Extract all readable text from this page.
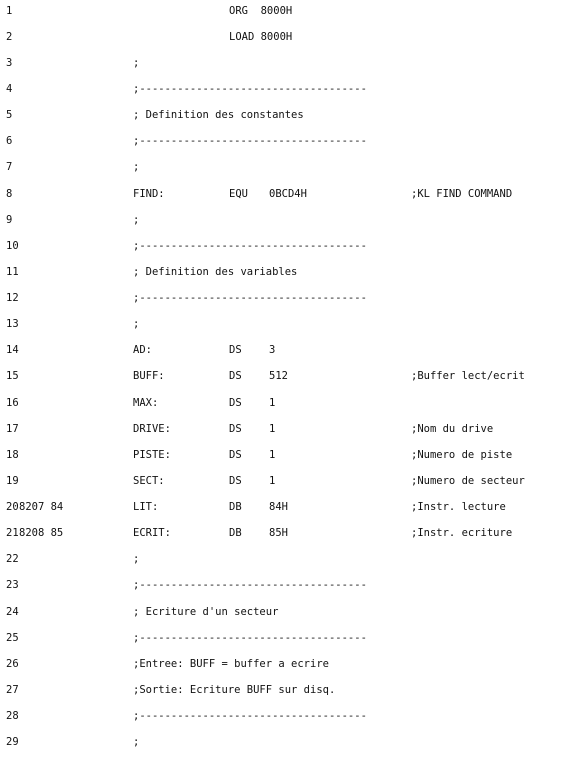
1	ORG  8000H
2	LOAD 8000H
3	;
4	;------------------------------------
5	; Definition des constantes
6	;------------------------------------
7	;
8	FIND:	EQU 0BCD4H	;KL FIND COMMAND
9	;
10	;------------------------------------
11	; Definition des variables
12	;------------------------------------
13	;
14	AD:	DS	3
15	BUFF:	DS	512	;Buffer lect/ecrit
16	MAX:	DS	1
17	DRIVE:	DS	1	;Nom du drive
18	PISTE:	DS	1	;Numero de piste
19	SECT:	DS	1	;Numero de secteur
20 8207 84	LIT:	DB	84H	;Instr. lecture
21 8208 85	ECRIT:	DB	85H	;Instr. ecriture
22	;
23	;------------------------------------
24	; Ecriture d'un secteur
25	;------------------------------------
26	;Entree: BUFF = buffer a ecrire
27	;Sortie: Ecriture BUFF sur disq.
28	;------------------------------------
29	;
